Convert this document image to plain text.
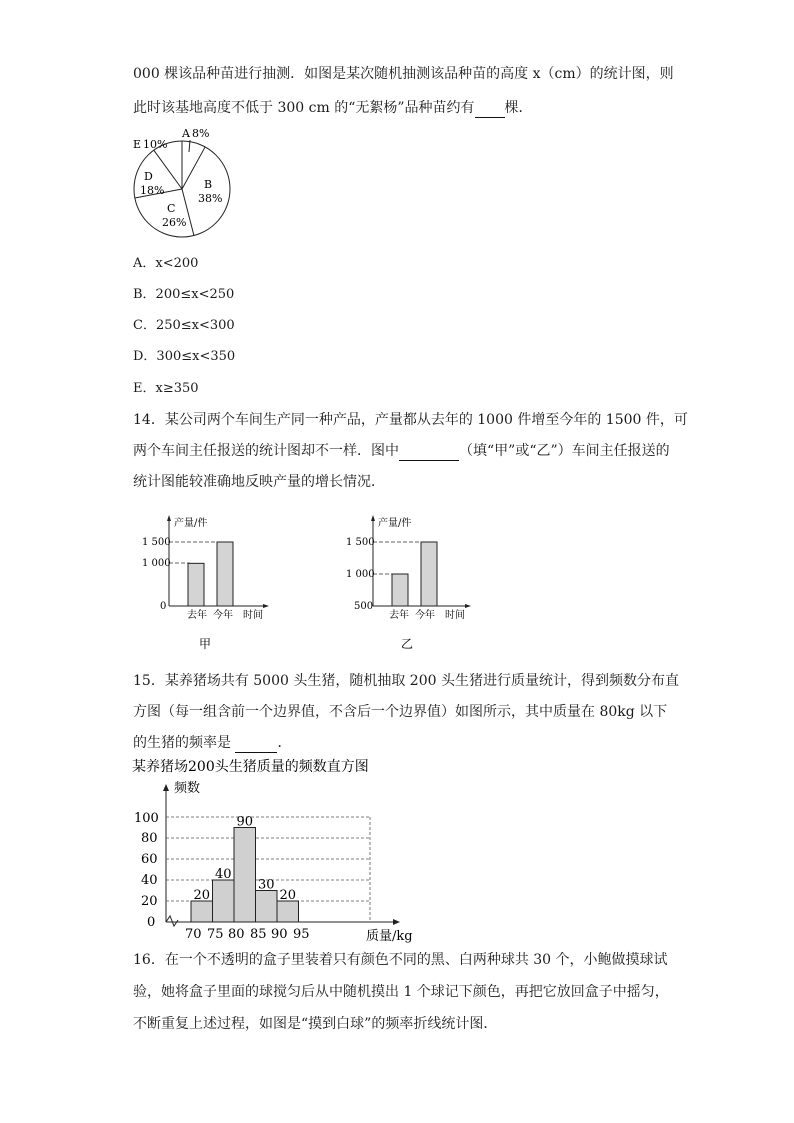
000 棵该品种苗进行抽测．如图是某次随机抽测该品种苗的高度 x（cm）的统计图，则
此时该基地高度不低于 300 cm 的“无絮杨”品种苗约有 棵．
A 8%
B
38%
C
26%
D
18%
E 10%
A．x<200
B．200≤x<250
C．250≤x<300
D．300≤x<350
E．x≥350
14．某公司两个车间生产同一种产品，产量都从去年的 1000 件增至今年的 1500 件，可
两个车间主任报送的统计图却不一样．图中	（填“甲”或“乙”）车间主任报送的
统计图能较准确地反映产量的增长情况．
产量/件
1 500
1 000
0
去年 今年 时间
甲
产量/件
1 500
1 000
500
去年 今年 时间
乙
15．某养猪场共有 5000 头生猪，随机抽取 200 头生猪进行质量统计，得到频数分布直
方图（每一组含前一个边界值，不含后一个边界值）如图所示，其中质量在 80kg 以下
的生猪的频率是	．
某养猪场200头生猪质量的频数直方图
频数
20
40
90
30
20
100
80
60
40
20
0
70 75 80 85 90 95	质量/kg
16．在一个不透明的盒子里装着只有颜色不同的黑、白两种球共 30 个，小鲍做摸球试
验，她将盒子里面的球搅匀后从中随机摸出 1 个球记下颜色，再把它放回盒子中摇匀，
不断重复上述过程，如图是“摸到白球”的频率折线统计图．
